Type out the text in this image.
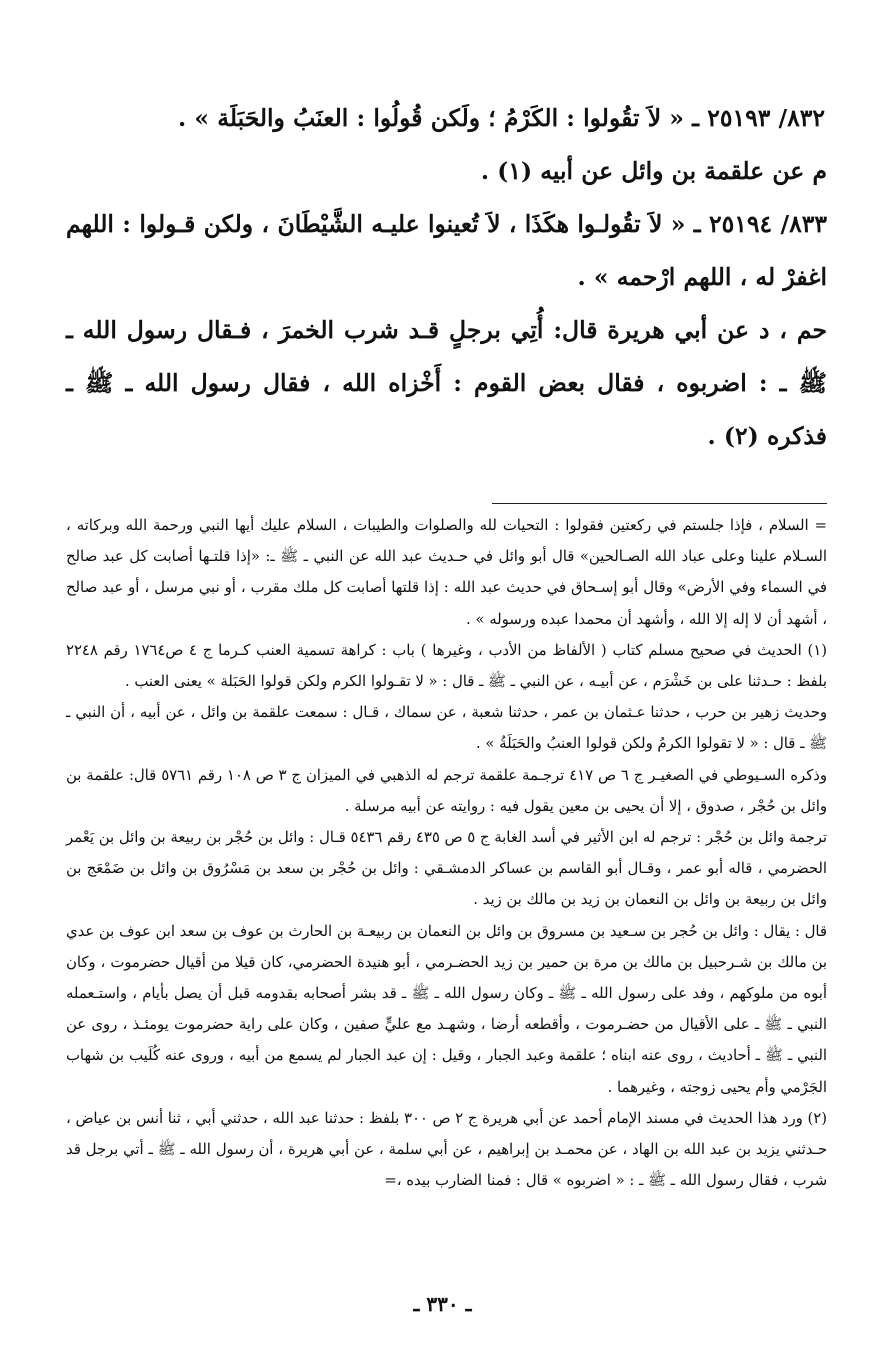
٨٣٢/ ٢٥١٩٣ ـ « لاَ تقُولوا : الكَرْمُ ؛ ولَكن قُولُوا : العنَبُ والحَبَلَة » .

م عن علقمة بن وائل عن أبيه (١) .

٨٣٣/ ٢٥١٩٤ ـ « لاَ تقُولـوا هكَذَا ، لاَ تُعينوا عليـه الشَّيْطَانَ ، ولكن قـولوا : اللهم اغفرْ له ، اللهم ارْحمه » .

حم ، د عن أبي هريرة قال: أُتِي برجلٍ قـد شرب الخمرَ ، فـقال رسول الله ـ ﷺ ـ : اضربوه ، فقال بعض القوم : أَخْزاه الله ، فقال رسول الله ـ ﷺ ـ فذكره (٢) .

= السلام ، فإذا جلستم في ركعتين فقولوا : التحيات لله والصلوات والطيبات ، السلام عليك أيها النبي ورحمة الله وبركاته ، السـلام علينا وعلى عباد الله الصـالحين» قال أبو وائل في حـديث عبد الله عن النبي ـ ﷺ ـ: «إذا قلتـها أصابت كل عبد صالح في السماء وفي الأرض» وقال أبو إسـحاق في حديث عبد الله : إذا قلتها أصابت كل ملك مقرب ، أو نبي مرسل ، أو عبد صالح ، أشهد أن لا إله إلا الله ، وأشهد أن محمدا عبده ورسوله » .

(١) الحديث في صحيح مسلم كتاب ( الألفاظ من الأدب ، وغيرها ) باب : كراهة تسمية العنب كـرما ج ٤ ص١٧٦٤ رقم ٢٢٤٨ بلفظ : حـدثنا على بن خَشْرَم ، عن أبيـه ، عن النبي ـ ﷺ ـ قال : « لا تقـولوا الكرم ولكن قولوا الحَبَلة » يعنى العنب .

وحديث زهير بن حرب ، حدثنا عـثمان بن عمر ، حدثنا شعبة ، عن سماك ، قـال : سمعت علقمة بن وائل ، عن أبيه ، أن النبي ـ ﷺ ـ قال : « لا تقولوا الكرمُ ولكن قولوا العنبُ والحَبَلَةُ » .

وذكره السـيوطي في الصغيـر ج ٦ ص ٤١٧ ترجـمة علقمة ترجم له الذهبي في الميزان ج ٣ ص ١٠٨ رقم ٥٧٦١ قال: علقمة بن وائل بن حُجْر ، صدوق ، إلا أن يحيى بن معين يقول فيه : روايته عن أبيه مرسلة .

ترجمة وائل بن حُجْر : ترجم له ابن الأثير في أسد الغابة ج ٥ ص ٤٣٥ رقم ٥٤٣٦ قـال : وائل بن حُجْر بن ربيعة بن وائل بن يَعْمر الحضرمي ، قاله أبو عمر ، وقـال أبو القاسم بن عساكر الدمشـقي : وائل بن حُجْر بن سعد بن مَسْرُوق بن وائل بن ضَمْعَج بن وائل بن ربيعة بن وائل بن النعمان بن زيد بن مالك بن زيد .

قال : يقال : وائل بن حُجر بن سـعيد بن مسروق بن وائل بن النعمان بن ربيعـة بن الحارث بن عوف بن سعد ابن عوف بن عدي بن مالك بن شـرحبيل بن مالك بن مرة بن حمير بن زيد الحضـرمي ، أبو هنيدة الحضرمي، كان قيلا من أقيال حضرموت ، وكان أبوه من ملوكهم ، وفد على رسول الله ـ ﷺ ـ وكان رسول الله ـ ﷺ ـ قد بشر أصحابه بقدومه قبل أن يصل بأيام ، واستـعمله النبي ـ ﷺ ـ على الأقيال من حضـرموت ، وأقطعه أرضا ، وشهـد مع عليٍّ صفين ، وكان على راية حضرموت يومئـذ ، روى عن النبي ـ ﷺ ـ أحاديث ، روى عنه ابناه ؛ علقمة وعبد الجبار ، وقيل : إن عبد الجبار لم يسمع من أبيه ، وروى عنه كُلَيب بن شهاب الجَرْمي وأم يحيى زوجته ، وغيرهما .

(٢) ورد هذا الحديث في مسند الإمام أحمد عن أبي هريرة ج ٢ ص ٣٠٠ بلفظ : حدثنا عبد الله ، حدثني أبي ، ثنا أنس بن عياض ، حـدثني يزيد بن عبد الله بن الهاد ، عن محمـد بن إبراهيم ، عن أبي سلمة ، عن أبي هريرة ، أن رسول الله ـ ﷺ ـ أتي برجل قد شرب ، فقال رسول الله ـ ﷺ ـ : « اضربوه » قال : فمنا الضارب بيده ،=

ـ ٣٣٠ ـ
